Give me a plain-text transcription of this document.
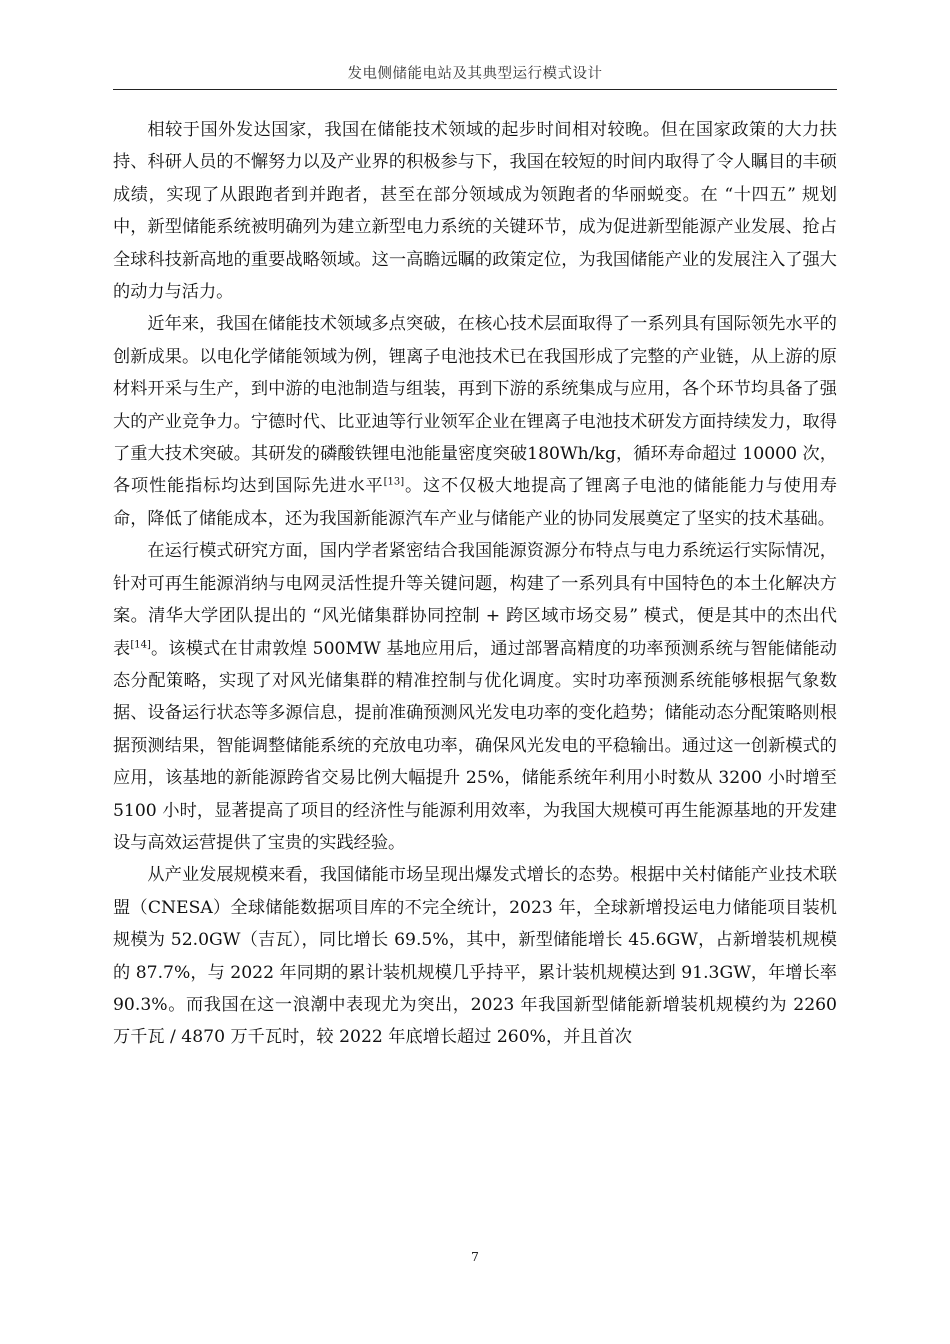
发电侧储能电站及其典型运行模式设计

相较于国外发达国家，我国在储能技术领域的起步时间相对较晚。但在国家政策的大力扶持、科研人员的不懈努力以及产业界的积极参与下，我国在较短的时间内取得了令人瞩目的丰硕成绩，实现了从跟跑者到并跑者，甚至在部分领域成为领跑者的华丽蜕变。在 “十四五” 规划中，新型储能系统被明确列为建立新型电力系统的关键环节，成为促进新型能源产业发展、抢占全球科技新高地的重要战略领域。这一高瞻远瞩的政策定位，为我国储能产业的发展注入了强大的动力与活力。

近年来，我国在储能技术领域多点突破，在核心技术层面取得了一系列具有国际领先水平的创新成果。以电化学储能领域为例，锂离子电池技术已在我国形成了完整的产业链，从上游的原材料开采与生产，到中游的电池制造与组装，再到下游的系统集成与应用，各个环节均具备了强大的产业竞争力。宁德时代、比亚迪等行业领军企业在锂离子电池技术研发方面持续发力，取得了重大技术突破。其研发的磷酸铁锂电池能量密度突破180Wh/kg，循环寿命超过 10000 次，各项性能指标均达到国际先进水平[13]。这不仅极大地提高了锂离子电池的储能能力与使用寿命，降低了储能成本，还为我国新能源汽车产业与储能产业的协同发展奠定了坚实的技术基础。

在运行模式研究方面，国内学者紧密结合我国能源资源分布特点与电力系统运行实际情况，针对可再生能源消纳与电网灵活性提升等关键问题，构建了一系列具有中国特色的本土化解决方案。清华大学团队提出的 “风光储集群协同控制 + 跨区域市场交易” 模式，便是其中的杰出代表[14]。该模式在甘肃敦煌 500MW 基地应用后，通过部署高精度的功率预测系统与智能储能动态分配策略，实现了对风光储集群的精准控制与优化调度。实时功率预测系统能够根据气象数据、设备运行状态等多源信息，提前准确预测风光发电功率的变化趋势；储能动态分配策略则根据预测结果，智能调整储能系统的充放电功率，确保风光发电的平稳输出。通过这一创新模式的应用，该基地的新能源跨省交易比例大幅提升 25%，储能系统年利用小时数从 3200 小时增至 5100 小时，显著提高了项目的经济性与能源利用效率，为我国大规模可再生能源基地的开发建设与高效运营提供了宝贵的实践经验。

从产业发展规模来看，我国储能市场呈现出爆发式增长的态势。根据中关村储能产业技术联盟（CNESA）全球储能数据项目库的不完全统计，2023 年，全球新增投运电力储能项目装机规模为 52.0GW（吉瓦），同比增长 69.5%，其中，新型储能增长 45.6GW，占新增装机规模的 87.7%，与 2022 年同期的累计装机规模几乎持平，累计装机规模达到 91.3GW，年增长率 90.3%。而我国在这一浪潮中表现尤为突出，2023 年我国新型储能新增装机规模约为 2260 万千瓦 / 4870 万千瓦时，较 2022 年底增长超过 260%，并且首次

7
